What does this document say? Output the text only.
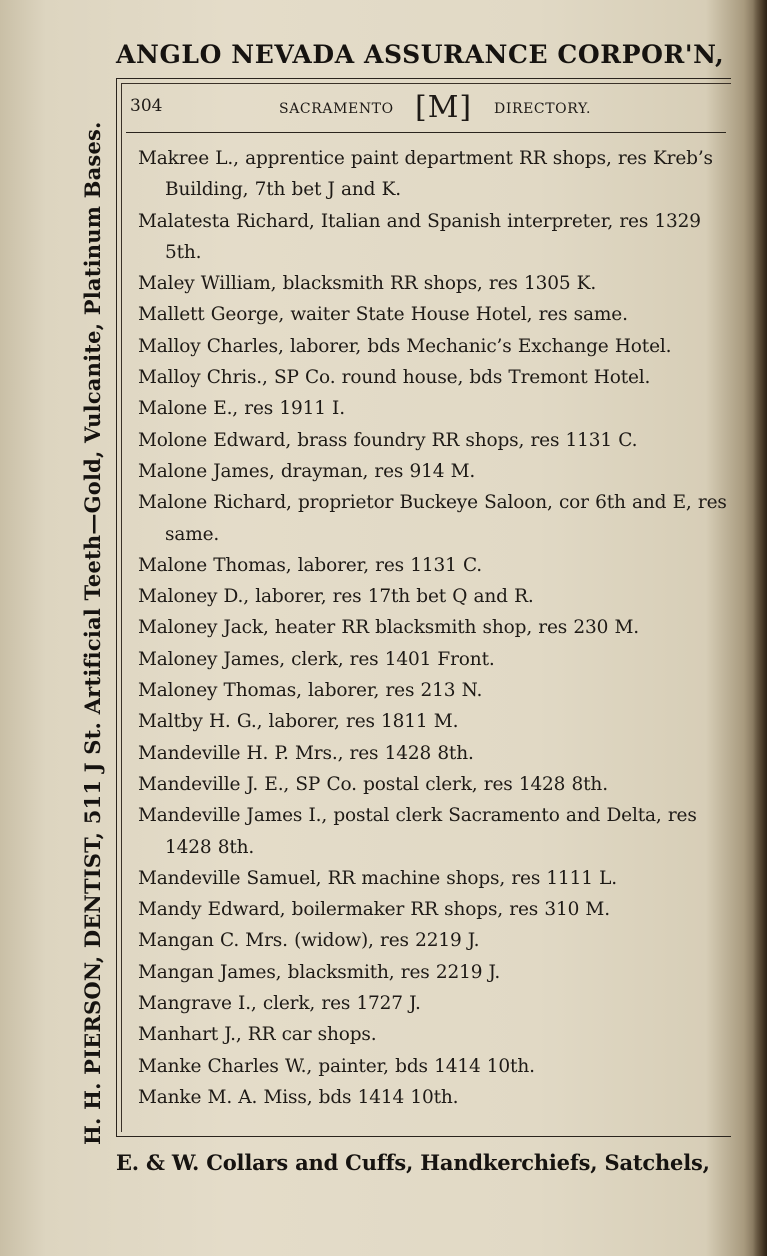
ANGLO NEVADA ASSURANCE CORPOR'N,
H. H. PIERSON, DENTIST, 511 J St. Artificial Teeth—Gold, Vulcanite, Platinum Bases.
304	SACRAMENTO [M] DIRECTORY.
Makree L., apprentice paint department RR shops, res Kreb’s Building, 7th bet J and K.
Malatesta Richard, Italian and Spanish interpreter, res 1329 5th.
Maley William, blacksmith RR shops, res 1305 K.
Mallett George, waiter State House Hotel, res same.
Malloy Charles, laborer, bds Mechanic’s Exchange Hotel.
Malloy Chris., SP Co. round house, bds Tremont Hotel.
Malone E., res 1911 I.
Molone Edward, brass foundry RR shops, res 1131 C.
Malone James, drayman, res 914 M.
Malone Richard, proprietor Buckeye Saloon, cor 6th and E, res same.
Malone Thomas, laborer, res 1131 C.
Maloney D., laborer, res 17th bet Q and R.
Maloney Jack, heater RR blacksmith shop, res 230 M.
Maloney James, clerk, res 1401 Front.
Maloney Thomas, laborer, res 213 N.
Maltby H. G., laborer, res 1811 M.
Mandeville H. P. Mrs., res 1428 8th.
Mandeville J. E., SP Co. postal clerk, res 1428 8th.
Mandeville James I., postal clerk Sacramento and Delta, res 1428 8th.
Mandeville Samuel, RR machine shops, res 1111 L.
Mandy Edward, boilermaker RR shops, res 310 M.
Mangan C. Mrs. (widow), res 2219 J.
Mangan James, blacksmith, res 2219 J.
Mangrave I., clerk, res 1727 J.
Manhart J., RR car shops.
Manke Charles W., painter, bds 1414 10th.
Manke M. A. Miss, bds 1414 10th.
E. & W. Collars and Cuffs, Handkerchiefs, Satchels,
